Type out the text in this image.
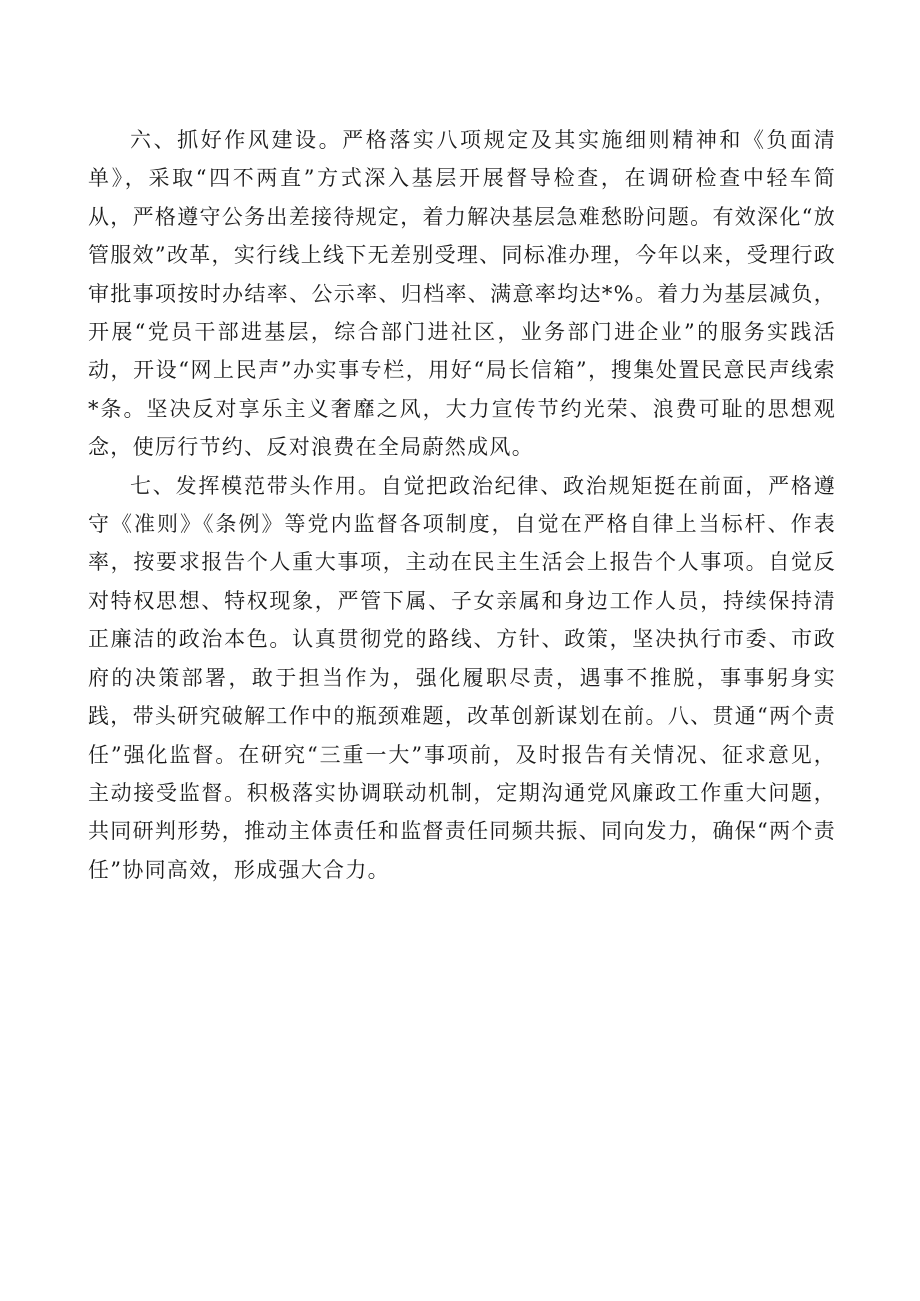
六、抓好作风建设。严格落实八项规定及其实施细则精神和《负面清单》，采取“四不两直”方式深入基层开展督导检查，在调研检查中轻车简从，严格遵守公务出差接待规定，着力解决基层急难愁盼问题。有效深化“放管服效”改革，实行线上线下无差别受理、同标准办理，今年以来，受理行政审批事项按时办结率、公示率、归档率、满意率均达*%。着力为基层减负，开展“党员干部进基层，综合部门进社区，业务部门进企业”的服务实践活动，开设“网上民声”办实事专栏，用好“局长信箱”，搜集处置民意民声线索*条。坚决反对享乐主义奢靡之风，大力宣传节约光荣、浪费可耻的思想观念，使厉行节约、反对浪费在全局蔚然成风。

七、发挥模范带头作用。自觉把政治纪律、政治规矩挺在前面，严格遵守《准则》《条例》等党内监督各项制度，自觉在严格自律上当标杆、作表率，按要求报告个人重大事项，主动在民主生活会上报告个人事项。自觉反对特权思想、特权现象，严管下属、子女亲属和身边工作人员，持续保持清正廉洁的政治本色。认真贯彻党的路线、方针、政策，坚决执行市委、市政府的决策部署，敢于担当作为，强化履职尽责，遇事不推脱，事事躬身实践，带头研究破解工作中的瓶颈难题，改革创新谋划在前。八、贯通“两个责任”强化监督。在研究“三重一大”事项前，及时报告有关情况、征求意见，主动接受监督。积极落实协调联动机制，定期沟通党风廉政工作重大问题，共同研判形势，推动主体责任和监督责任同频共振、同向发力，确保“两个责任”协同高效，形成强大合力。
